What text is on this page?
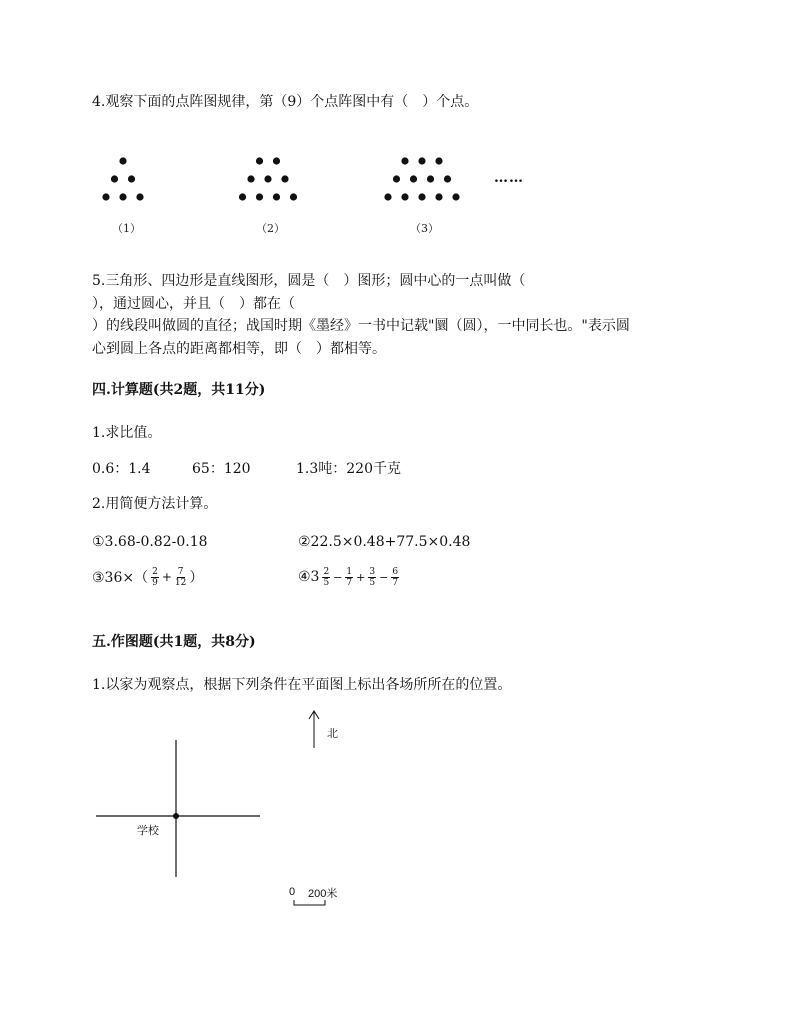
4.观察下面的点阵图规律，第（9）个点阵图中有（　）个点。
（1）	（2）	（3）
……
5.三角形、四边形是直线图形，圆是（　）图形；圆中心的一点叫做（
），通过圆心，并且（　）都在（
）的线段叫做圆的直径；战国时期《墨经》一书中记载"圜（圆），一中同长也。"表示圆
心到圆上各点的距离都相等，即（　）都相等。
四.计算题(共2题，共11分)
1.求比值。
0.6：1.4	65：120	1.3吨：220千克
2.用简便方法计算。
①3.68-0.82-0.18	②22.5×0.48+77.5×0.48
③36×（ $\frac{2}{9} + \frac{7}{12}$ ）	④3 $\frac{2}{5} - \frac{1}{7} + \frac{3}{5} - \frac{6}{7}$
五.作图题(共1题，共8分)
1.以家为观察点，根据下列条件在平面图上标出各场所所在的位置。
北
学校
0 200米
